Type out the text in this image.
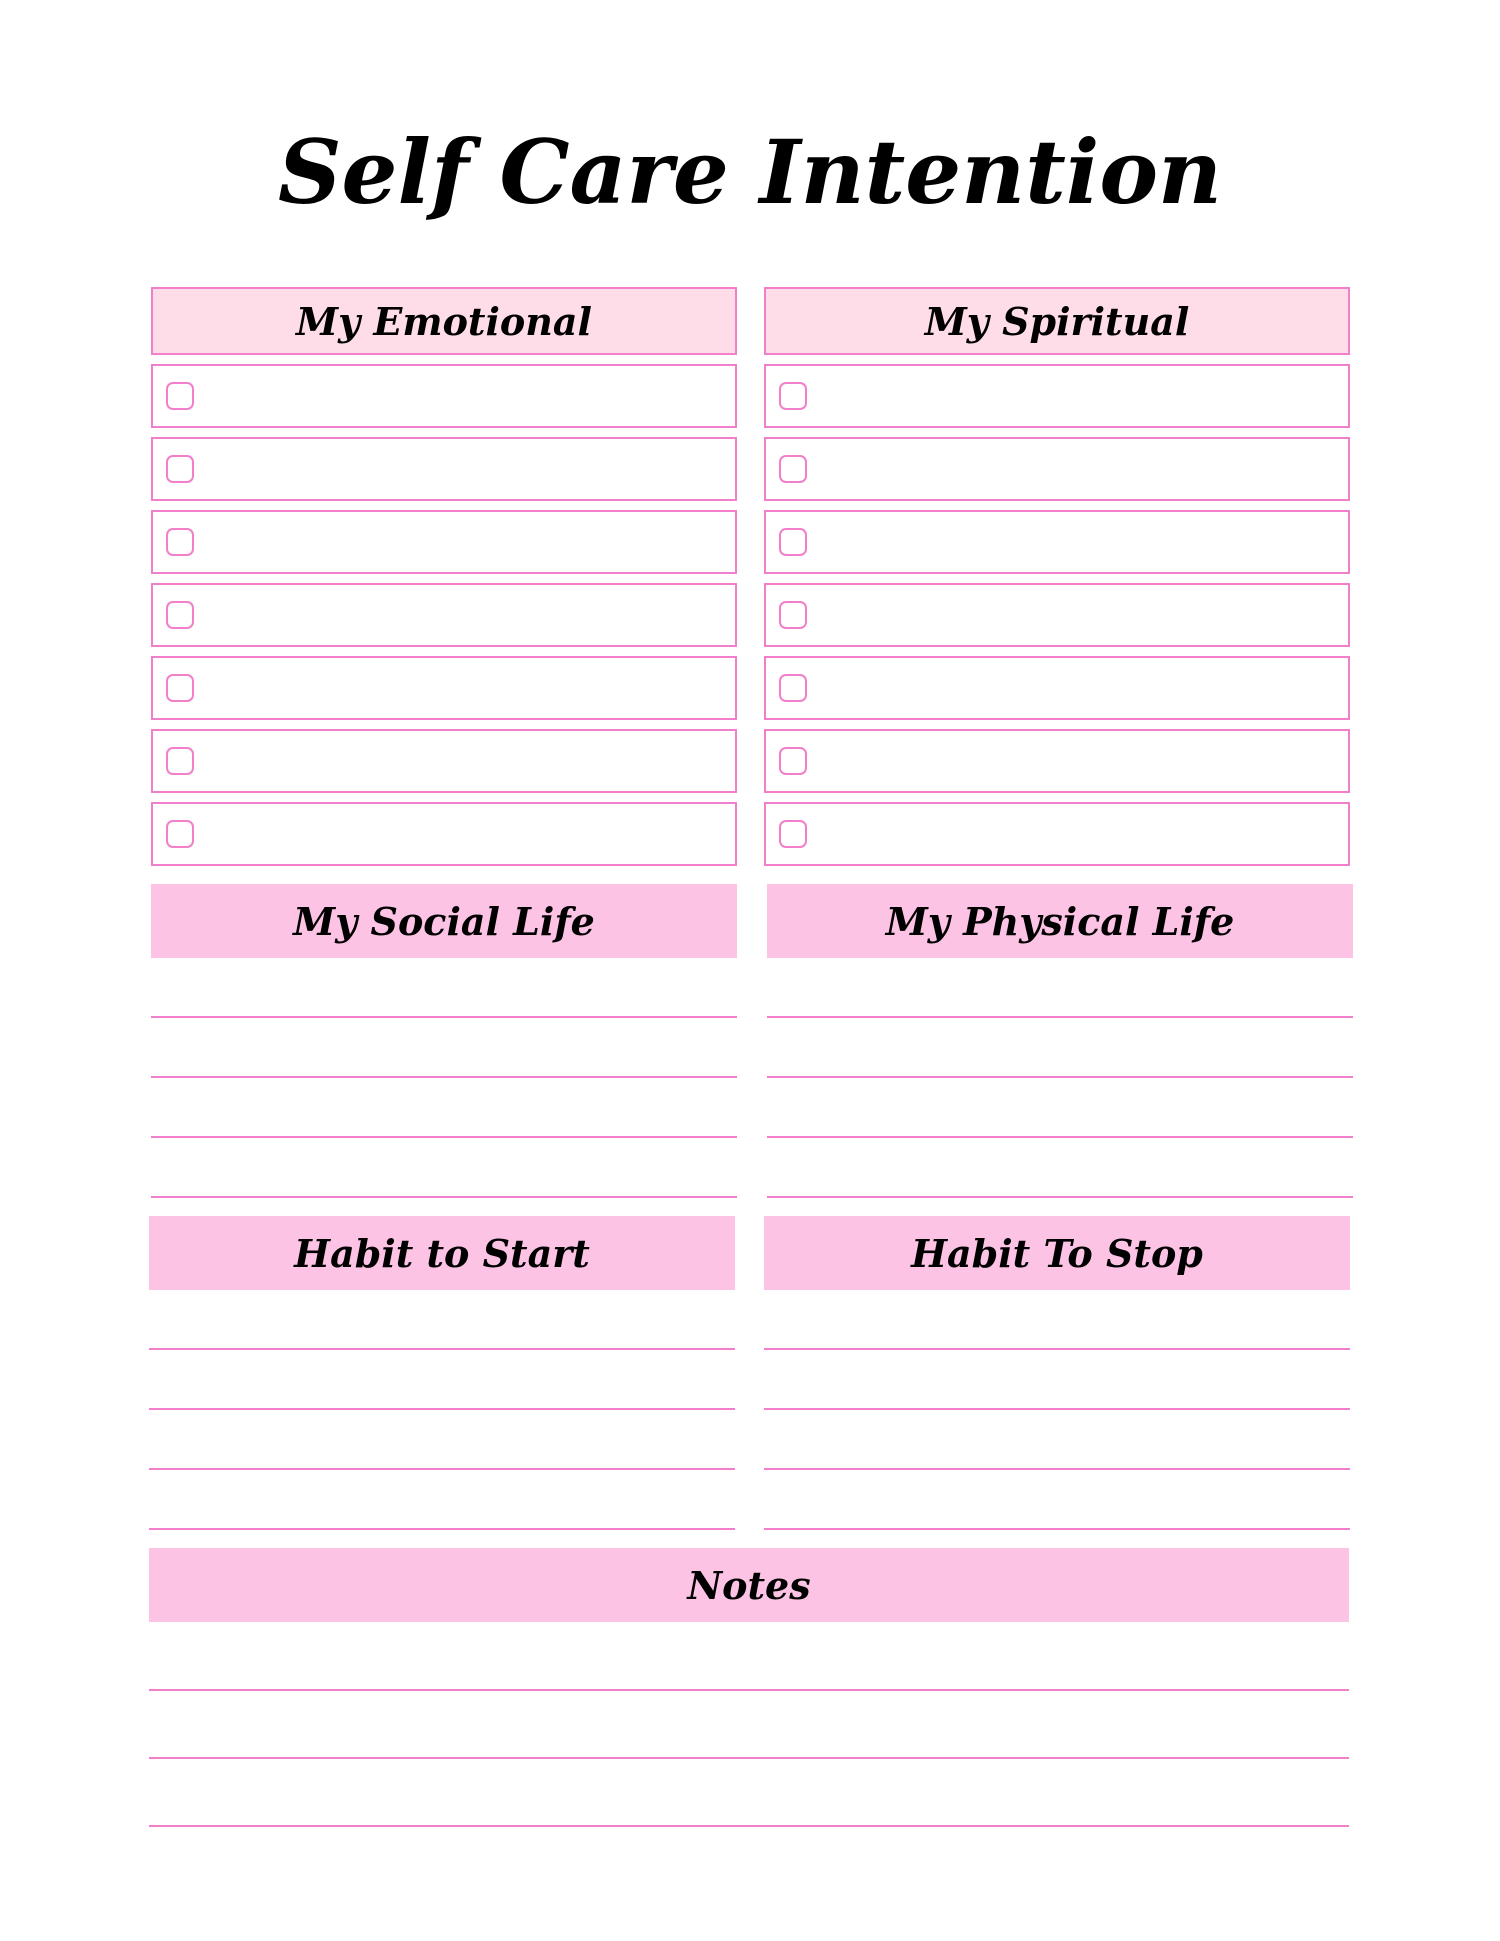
Self Care Intention
My Emotional	My Spiritual
My Social Life	My Physical Life
Habit to Start	Habit To Stop
Notes
